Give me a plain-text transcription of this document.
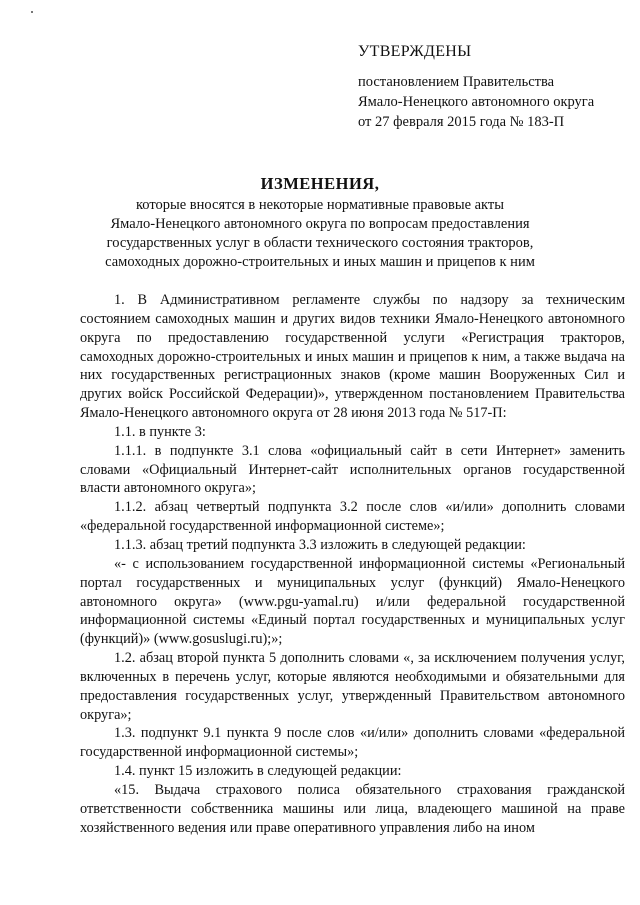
УТВЕРЖДЕНЫ
постановлением Правительства
Ямало-Ненецкого автономного округа
от 27 февраля 2015 года № 183-П
ИЗМЕНЕНИЯ,
которые вносятся в некоторые нормативные правовые акты
Ямало-Ненецкого автономного округа по вопросам предоставления
государственных услуг в области технического состояния тракторов,
самоходных дорожно-строительных и иных машин и прицепов к ним

1. В Административном регламенте службы по надзору за техническим состоянием самоходных машин и других видов техники Ямало-Ненецкого автономного округа по предоставлению государственной услуги «Регистрация тракторов, самоходных дорожно-строительных и иных машин и прицепов к ним, а также выдача на них государственных регистрационных знаков (кроме машин Вооруженных Сил и других войск Российской Федерации)», утвержденном постановлением Правительства Ямало-Ненецкого автономного округа от 28 июня 2013 года № 517-П:

1.1. в пункте 3:

1.1.1. в подпункте 3.1 слова «официальный сайт в сети Интернет» заменить словами «Официальный Интернет-сайт исполнительных органов государственной власти автономного округа»;

1.1.2. абзац четвертый подпункта 3.2 после слов «и/или» дополнить словами «федеральной государственной информационной системе»;

1.1.3. абзац третий подпункта 3.3 изложить в следующей редакции:

«- с использованием государственной информационной системы «Региональный портал государственных и муниципальных услуг (функций) Ямало-Ненецкого автономного округа» (www.pgu-yamal.ru) и/или федеральной государственной информационной системы «Единый портал государственных и муниципальных услуг (функций)» (www.gosuslugi.ru);»;

1.2. абзац второй пункта 5 дополнить словами «, за исключением получения услуг, включенных в перечень услуг, которые являются необходимыми и обязательными для предоставления государственных услуг, утвержденный Правительством автономного округа»;

1.3. подпункт 9.1 пункта 9 после слов «и/или» дополнить словами «федеральной государственной информационной системы»;

1.4. пункт 15 изложить в следующей редакции:

«15. Выдача страхового полиса обязательного страхования гражданской ответственности собственника машины или лица, владеющего машиной на праве хозяйственного ведения или праве оперативного управления либо на ином
